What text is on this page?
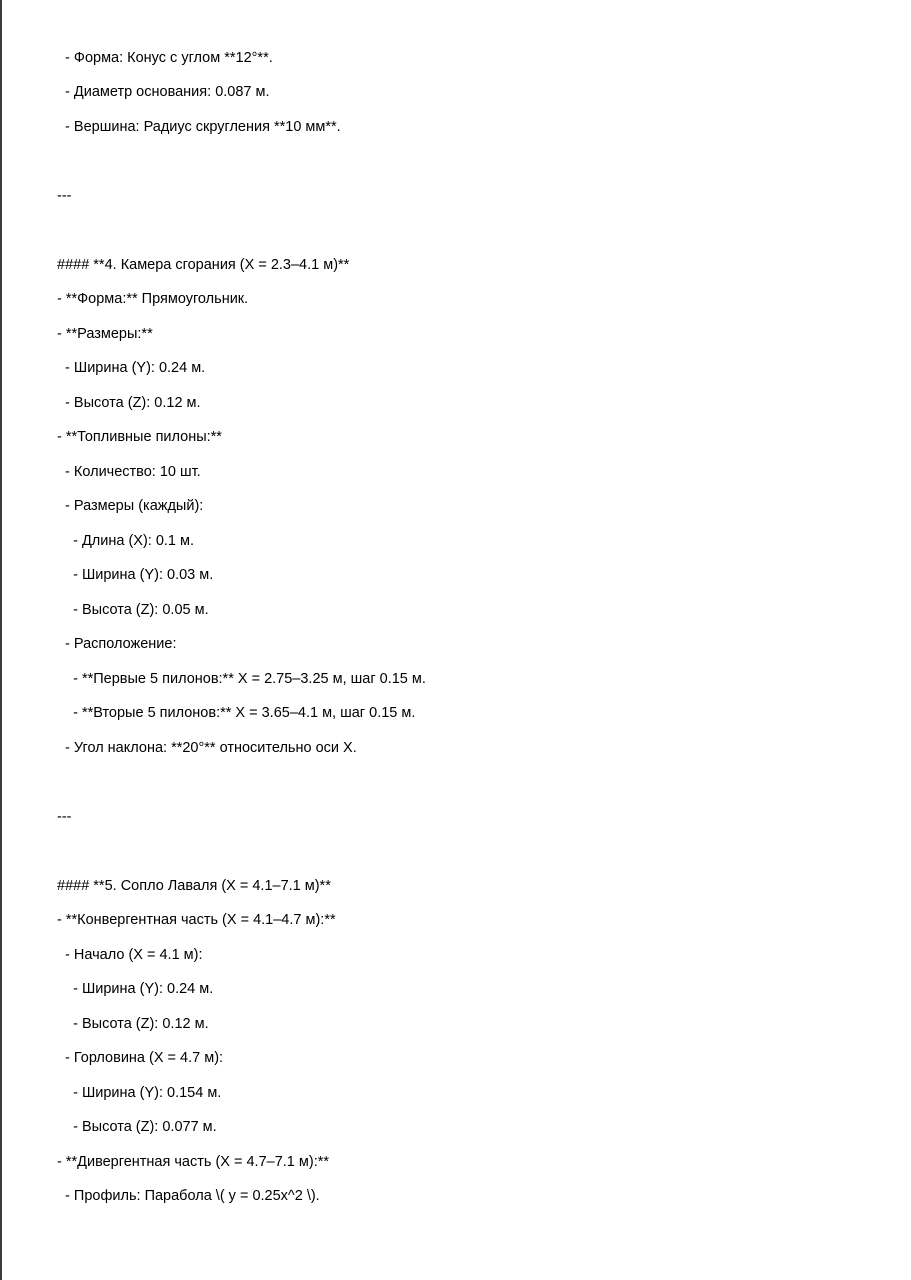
- Форма: Конус с углом **12°**.
- Диаметр основания: 0.087 м.
- Вершина: Радиус скругления **10 мм**.
---
#### **4. Камера сгорания (X = 2.3–4.1 м)**
- **Форма:** Прямоугольник.
- **Размеры:**
- Ширина (Y): 0.24 м.
- Высота (Z): 0.12 м.
- **Топливные пилоны:**
- Количество: 10 шт.
- Размеры (каждый):
- Длина (X): 0.1 м.
- Ширина (Y): 0.03 м.
- Высота (Z): 0.05 м.
- Расположение:
- **Первые 5 пилонов:** X = 2.75–3.25 м, шаг 0.15 м.
- **Вторые 5 пилонов:** X = 3.65–4.1 м, шаг 0.15 м.
- Угол наклона: **20°** относительно оси X.
---
#### **5. Сопло Лаваля (X = 4.1–7.1 м)**
- **Конвергентная часть (X = 4.1–4.7 м):**
- Начало (X = 4.1 м):
- Ширина (Y): 0.24 м.
- Высота (Z): 0.12 м.
- Горловина (X = 4.7 м):
- Ширина (Y): 0.154 м.
- Высота (Z): 0.077 м.
- **Дивергентная часть (X = 4.7–7.1 м):**
- Профиль: Парабола \( y = 0.25x^2 \).
